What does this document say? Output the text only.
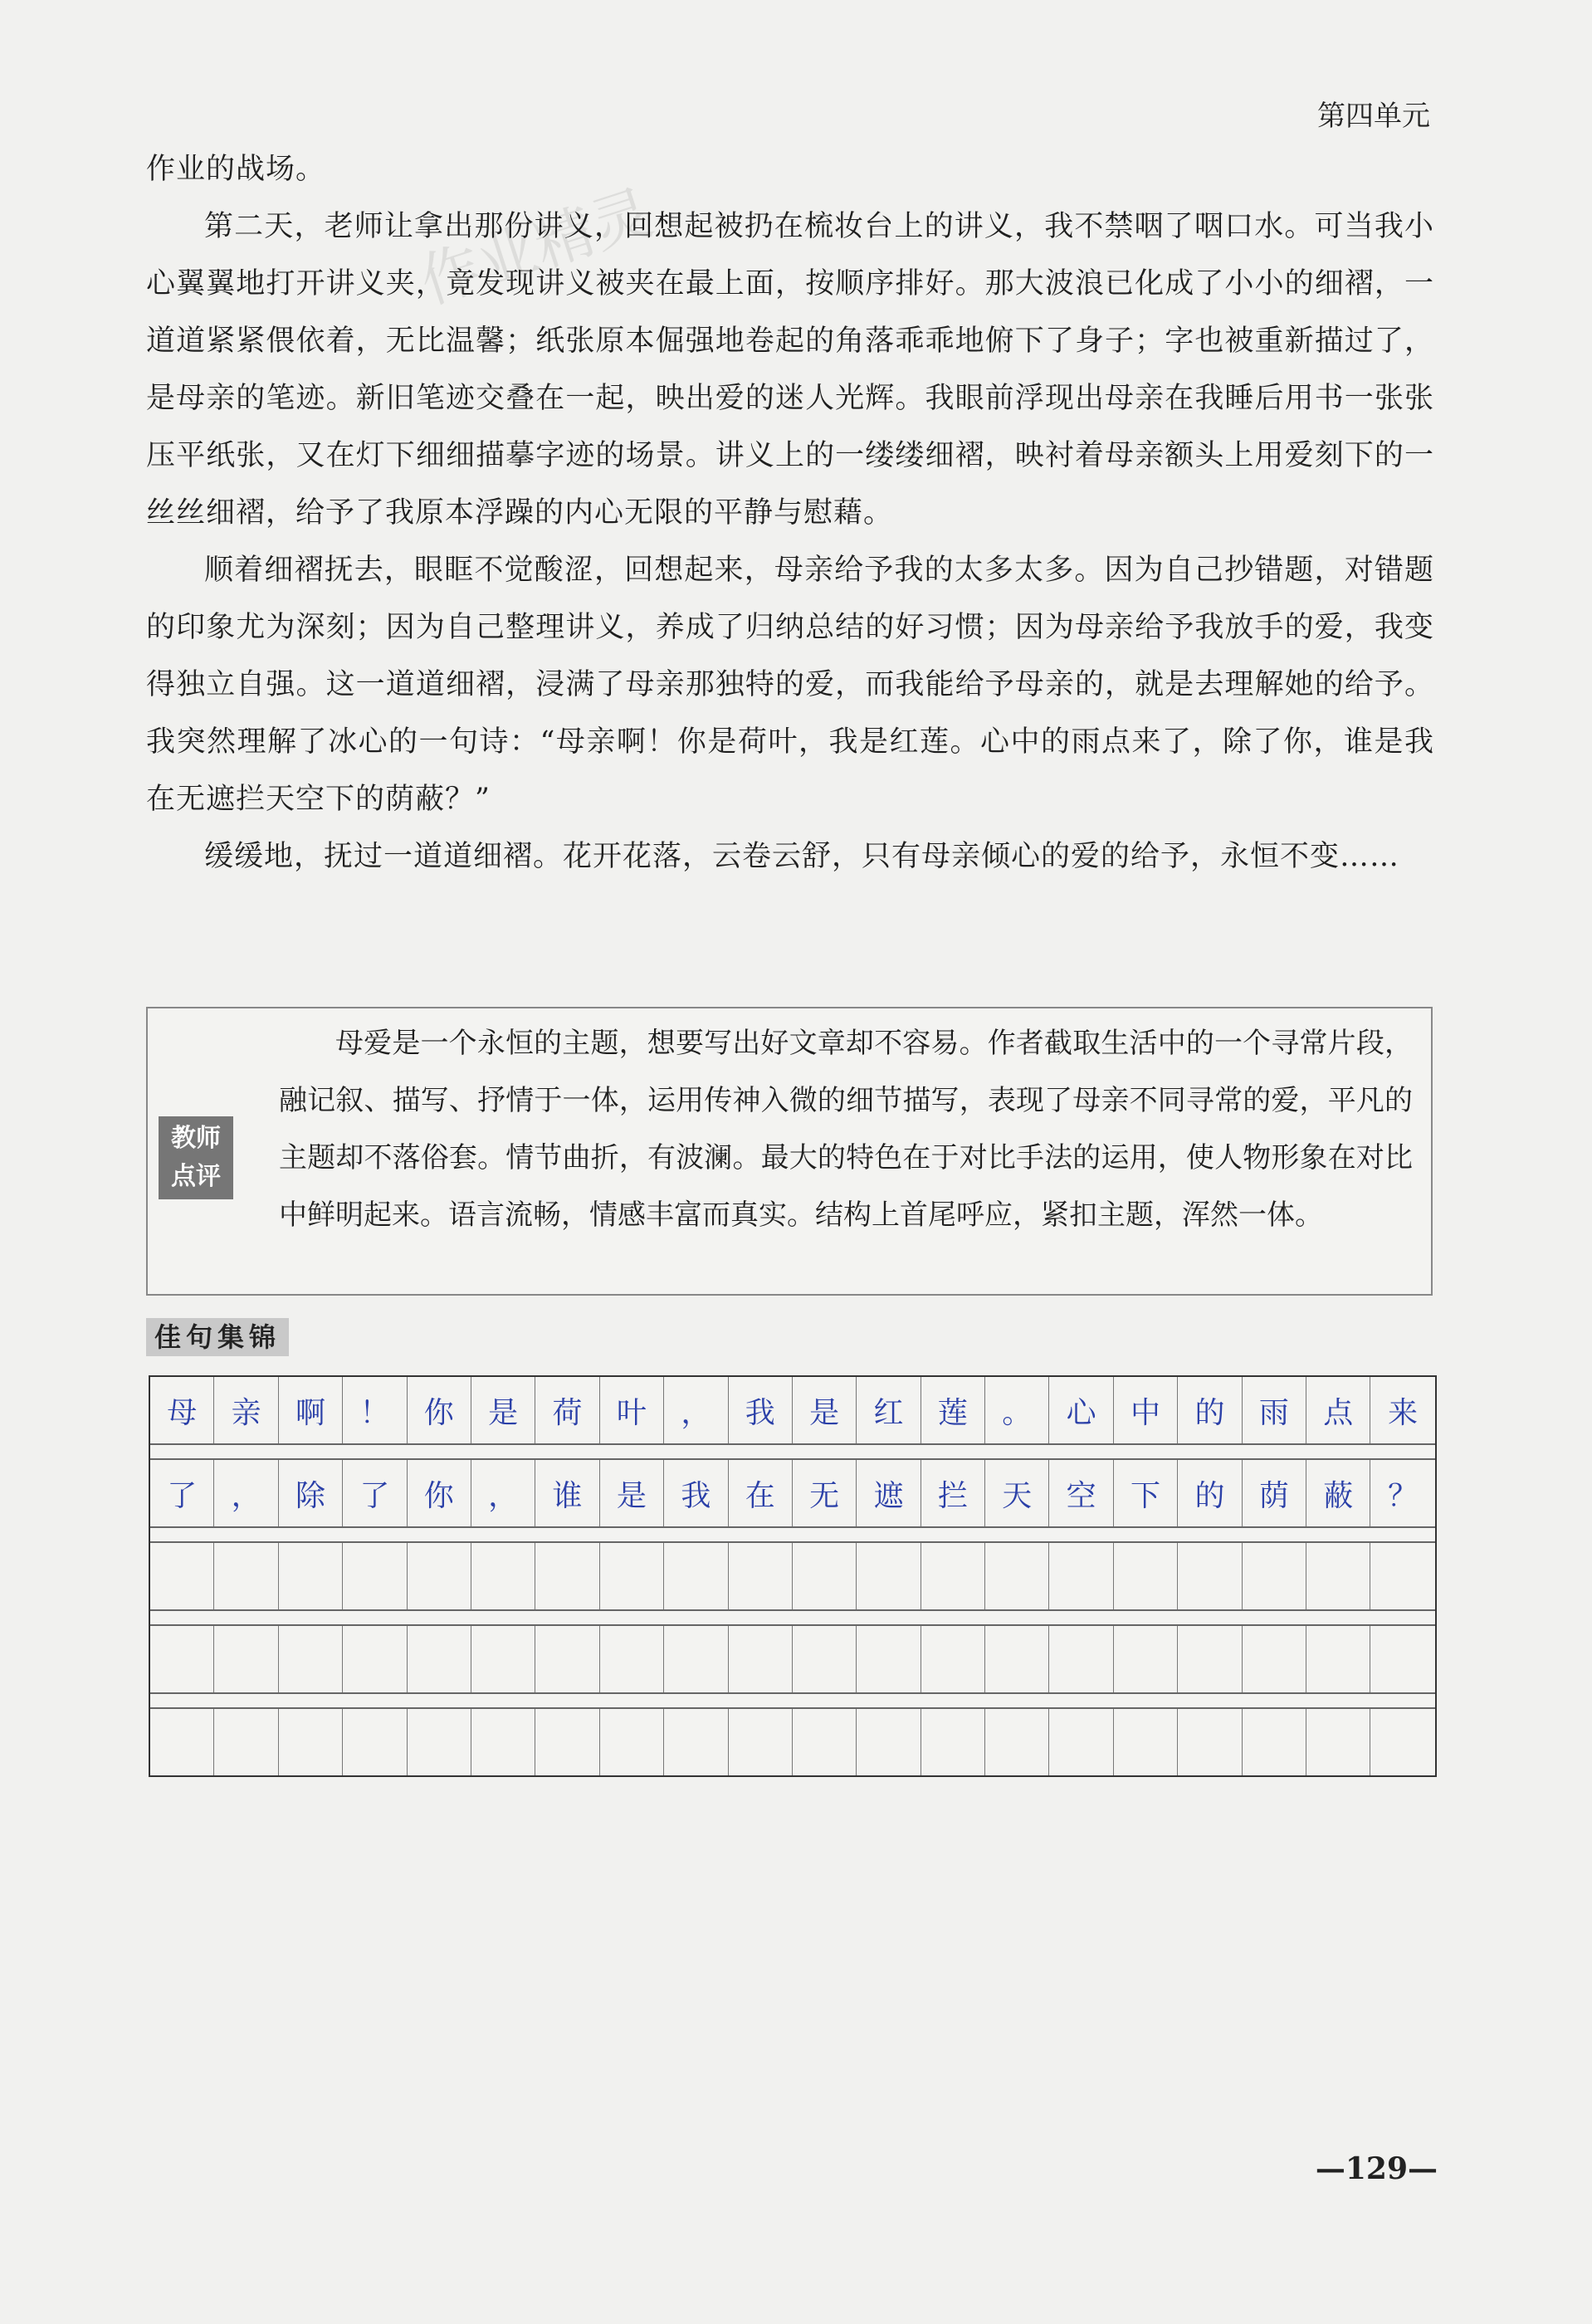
第四单元
作业精灵

作业的战场。

第二天，老师让拿出那份讲义，回想起被扔在梳妆台上的讲义，我不禁咽了咽口水。可当我小心翼翼地打开讲义夹，竟发现讲义被夹在最上面，按顺序排好。那大波浪已化成了小小的细褶，一道道紧紧偎依着，无比温馨；纸张原本倔强地卷起的角落乖乖地俯下了身子；字也被重新描过了，是母亲的笔迹。新旧笔迹交叠在一起，映出爱的迷人光辉。我眼前浮现出母亲在我睡后用书一张张压平纸张，又在灯下细细描摹字迹的场景。讲义上的一缕缕细褶，映衬着母亲额头上用爱刻下的一丝丝细褶，给予了我原本浮躁的内心无限的平静与慰藉。

顺着细褶抚去，眼眶不觉酸涩，回想起来，母亲给予我的太多太多。因为自己抄错题，对错题的印象尤为深刻；因为自己整理讲义，养成了归纳总结的好习惯；因为母亲给予我放手的爱，我变得独立自强。这一道道细褶，浸满了母亲那独特的爱，而我能给予母亲的，就是去理解她的给予。我突然理解了冰心的一句诗：“母亲啊！你是荷叶，我是红莲。心中的雨点来了，除了你，谁是我在无遮拦天空下的荫蔽？”

缓缓地，抚过一道道细褶。花开花落，云卷云舒，只有母亲倾心的爱的给予，永恒不变……

教师
点评

母爱是一个永恒的主题，想要写出好文章却不容易。作者截取生活中的一个寻常片段，融记叙、描写、抒情于一体，运用传神入微的细节描写，表现了母亲不同寻常的爱，平凡的主题却不落俗套。情节曲折，有波澜。最大的特色在于对比手法的运用，使人物形象在对比中鲜明起来。语言流畅，情感丰富而真实。结构上首尾呼应，紧扣主题，浑然一体。

佳句集锦
母	亲	啊	！	你	是	荷	叶	，	我	是	红	莲	。	心	中	的	雨	点	来
了	，	除	了	你	，	谁	是	我	在	无	遮	拦	天	空	下	的	荫	蔽	？
—129—
